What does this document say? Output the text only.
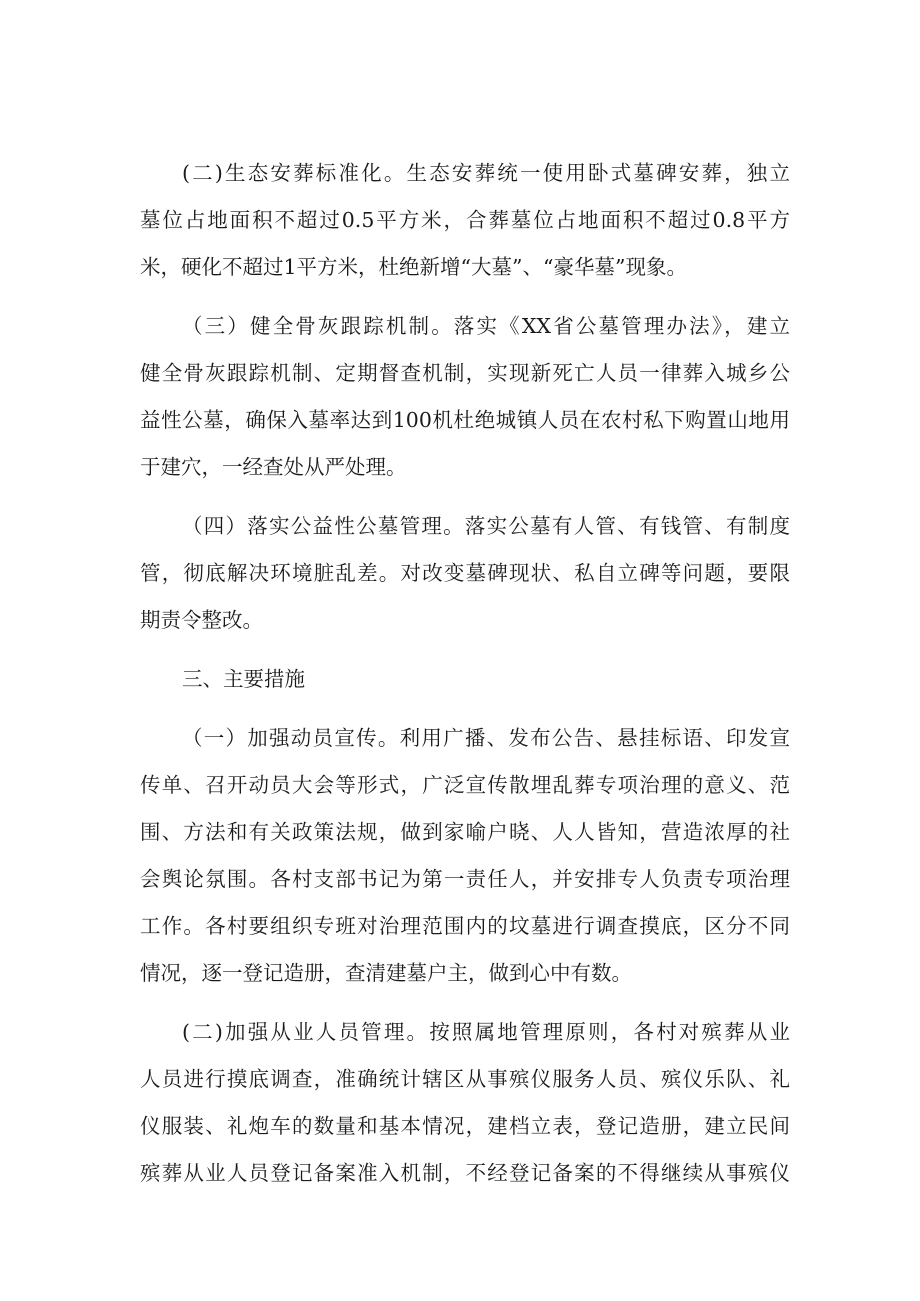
(二)生态安葬标准化。生态安葬统一使用卧式墓碑安葬，独立
墓位占地面积不超过0.5平方米，合葬墓位占地面积不超过0.8平方
米，硬化不超过1平方米，杜绝新增“大墓”、“豪华墓”现象。

（三）健全骨灰跟踪机制。落实《XX省公墓管理办法》，建立
健全骨灰跟踪机制、定期督查机制，实现新死亡人员一律葬入城乡公
益性公墓，确保入墓率达到100机杜绝城镇人员在农村私下购置山地用
于建穴，一经查处从严处理。

（四）落实公益性公墓管理。落实公墓有人管、有钱管、有制度
管，彻底解决环境脏乱差。对改变墓碑现状、私自立碑等问题，要限
期责令整改。

三、主要措施

（一）加强动员宣传。利用广播、发布公告、悬挂标语、印发宣
传单、召开动员大会等形式，广泛宣传散埋乱葬专项治理的意义、范
围、方法和有关政策法规，做到家喻户晓、人人皆知，营造浓厚的社
会舆论氛围。各村支部书记为第一责任人，并安排专人负责专项治理
工作。各村要组织专班对治理范围内的坟墓进行调查摸底，区分不同
情况，逐一登记造册，查清建墓户主，做到心中有数。

(二)加强从业人员管理。按照属地管理原则，各村对殡葬从业
人员进行摸底调查，准确统计辖区从事殡仪服务人员、殡仪乐队、礼
仪服装、礼炮车的数量和基本情况，建档立表，登记造册，建立民间
殡葬从业人员登记备案准入机制，不经登记备案的不得继续从事殡仪
